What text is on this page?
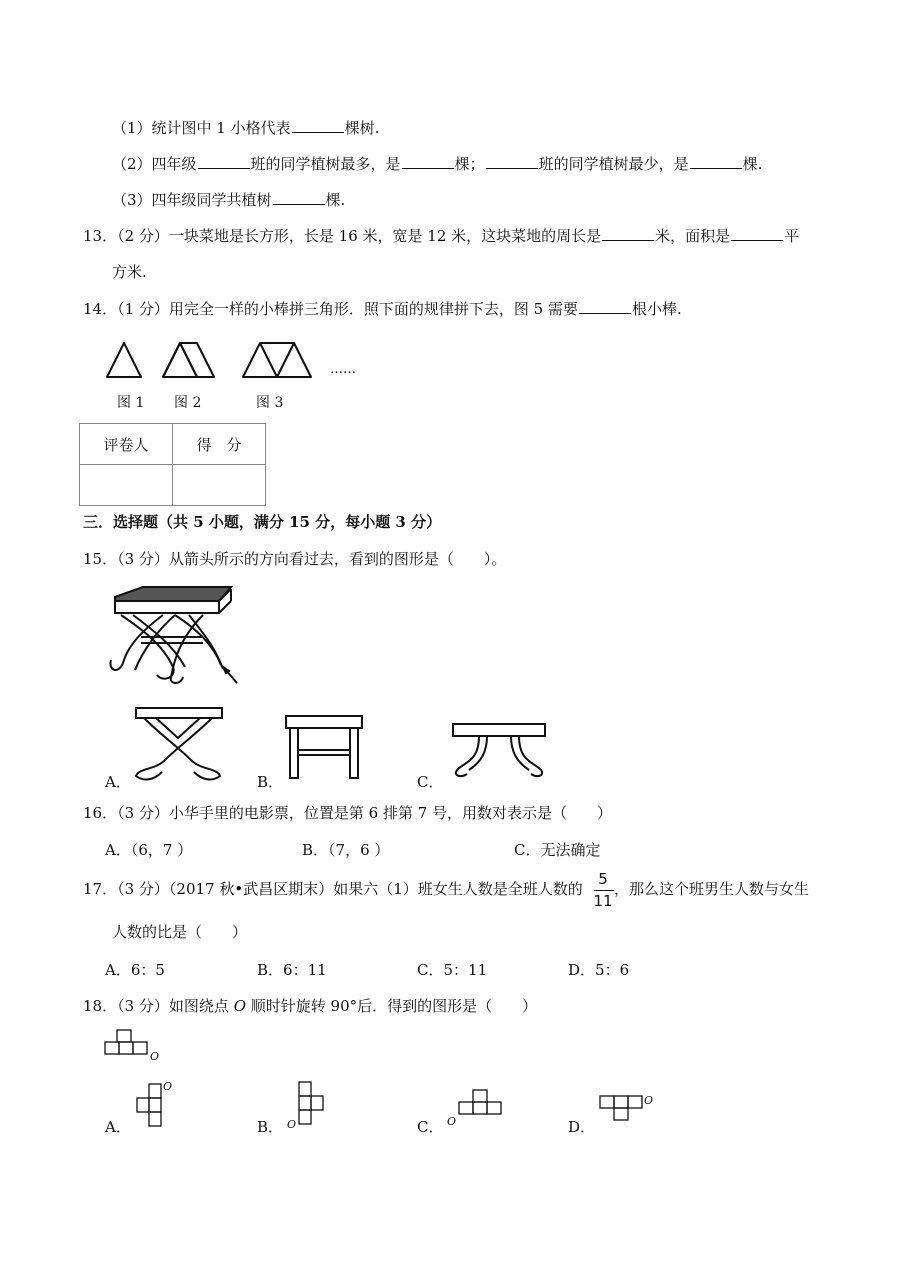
（1）统计图中 1 小格代表	棵树.
（2）四年级	班的同学植树最多，是	棵；	班的同学植树最少，是	棵.
（3）四年级同学共植树	棵.
13．（2 分）一块菜地是长方形，长是 16 米，宽是 12 米，这块菜地的周长是	米，面积是	平
方米.
14．（1 分）用完全一样的小棒拼三角形．照下面的规律拼下去，图 5 需要	根小棒.
……
图 1 图 2	图 3
评卷人	得　分

三．选择题（共 5 小题，满分 15 分，每小题 3 分）
15．（3 分）从箭头所示的方向看过去，看到的图形是（　　）。
A．	B．	C．
16．（3 分）小华手里的电影票，位置是第 6 排第 7 号，用数对表示是（　　）
A．（6，7 ）	B．（7，6 ）	C．无法确定
17．（3 分）（2017 秋•武昌区期末）如果六（1）班女生人数是全班人数的
5
11
，那么这个班男生人数与女生
人数的比是（　　）
A．6：5	B．6：11	C．5：11	D．5：6
18．（3 分）如图绕点 O 顺时针旋转 90°后．得到的图形是（　　）
O
O
O	O
O
A．	B．	C．	D．
